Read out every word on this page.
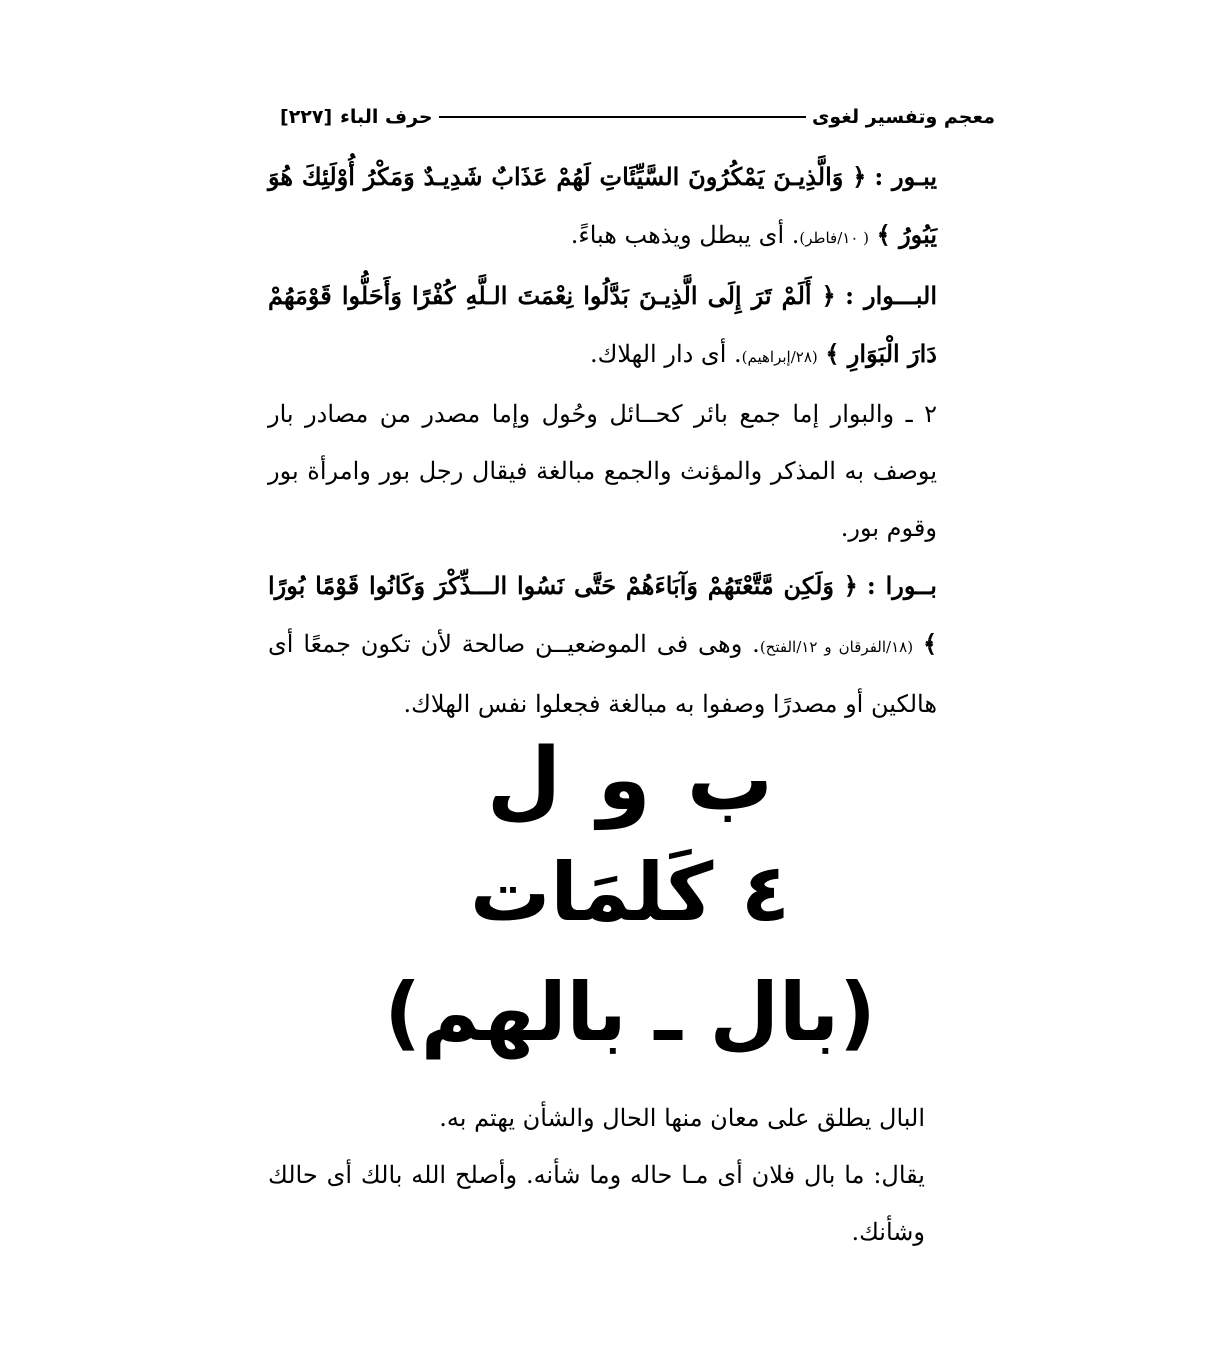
معجم وتفسير لغوى
حرف الباء
[٢٢٧]

يبـور : ﴿ وَالَّذِيـنَ يَمْكُرُونَ السَّيِّئَاتِ لَهُمْ عَذَابٌ شَدِيـدٌ وَمَكْرُ أُوْلَئِكَ هُوَ يَبُورُ ﴾ ( ١٠/فاطر). أى يبطل ويذهب هباءً.

البـــوار : ﴿ أَلَمْ تَرَ إِلَى الَّذِيـنَ بَدَّلُوا نِعْمَتَ الـلَّهِ كُفْرًا وَأَحَلُّوا قَوْمَهُمْ دَارَ الْبَوَارِ ﴾ (٢٨/إبراهيم). أى دار الهلاك.

٢ ـ والبوار إما جمع بائر كحــائل وحُول وإما مصدر من مصادر بار يوصف به المذكر والمؤنث والجمع مبالغة فيقال رجل بور وامرأة بور وقوم بور.

بــورا : ﴿ وَلَكِن مَّتَّعْتَهُمْ وَآبَاءَهُمْ حَتَّى نَسُوا الـــذِّكْرَ وَكَانُوا قَوْمًا بُورًا ﴾ (١٨/الفرقان و ١٢/الفتح). وهى فى الموضعيــن صالحة لأن تكون جمعًا أى هالكين أو مصدرًا وصفوا به مبالغة فجعلوا نفس الهلاك.

ب و ل
٤ كَلمَات
(بال ـ بالهم)

البال يطلق على معان منها الحال والشأن يهتم به.

يقال: ما بال فلان أى مـا حاله وما شأنه. وأصلح الله بالك أى حالك وشأنك.
